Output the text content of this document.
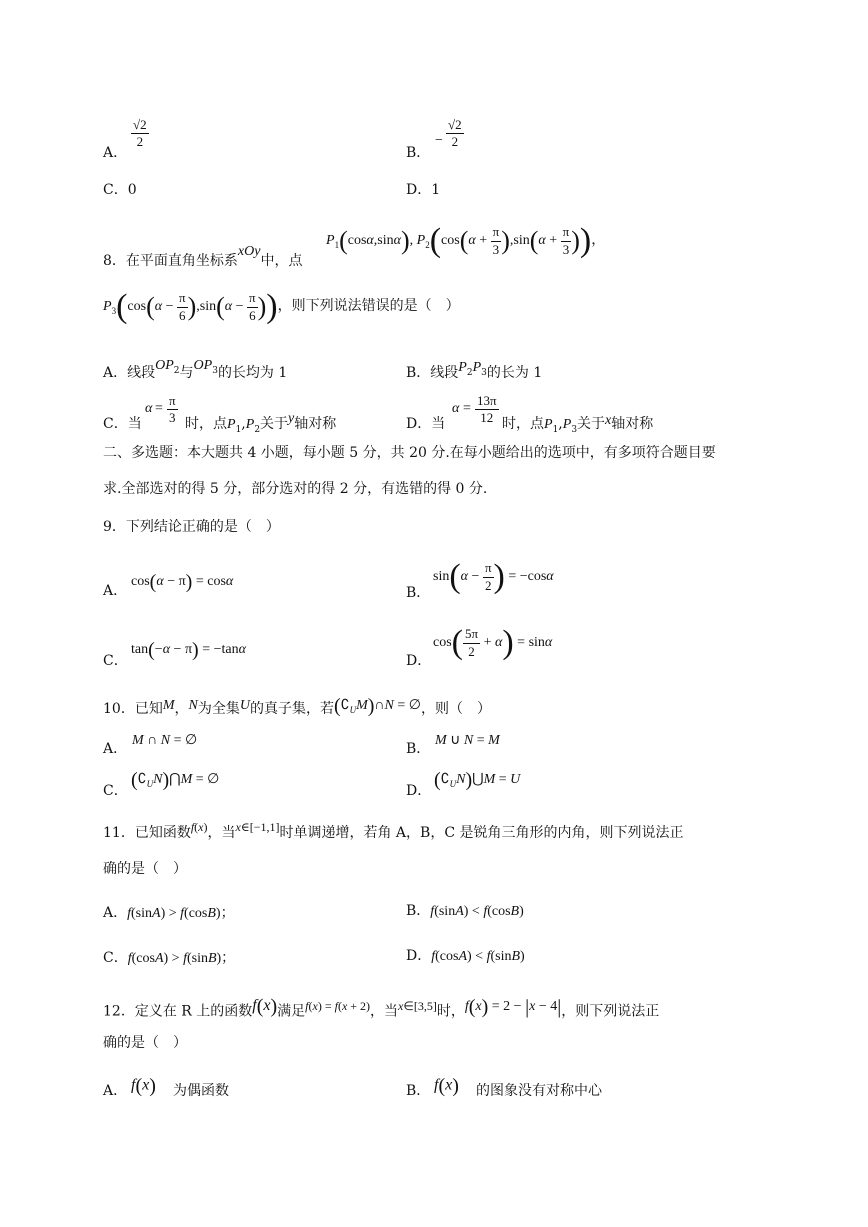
A．
$\frac{√2}{2}$
B．
− $\frac{√2}{2}$
C．0	D．1
8．在平面直角坐标系xOy中，点
$P_1(\cos\alpha,\sin\alpha)$, $P_2(\cos(\alpha + \frac{\pi}{3} ),\sin(\alpha + \frac{\pi}{3}$ ))，
$P_3(\cos(\alpha - \frac{\pi}{6} ),\sin(\alpha - \frac{\pi}{6}$ ))，则下列说法错误的是（　）
A．线段$OP_2$与$OP_3$的长均为 1	B．线段$P_2P_3$的长为 1
C．当
$\alpha = \frac{\pi}{3}$ 时，点$P_1,P_2$关于y轴对称	D．当
$\alpha = \frac{13\pi}{12}$ 时，点$P_1,P_3$关于x轴对称
二、多选题：本大题共 4 小题，每小题 5 分，共 20 分.在每小题给出的选项中，有多项符合题目要
求.全部选对的得 5 分，部分选对的得 2 分，有选错的得 0 分.
9．下列结论正确的是（　）
A．
cos(α − π) = cosα
B．
$\sin(\alpha - \frac{\pi}{2}$ ) = −cosα
C．
tan(−α − π) = −tanα
D．
$\cos( \frac{5\pi}{2} + \alpha) = \sin\alpha$
10．已知M，N为全集U的真子集，若$(∁_UM)\cap N$ = ∅，则（　）
A．
M ∩ N = ∅
B．
M ∪ N = M
C． $(∁_UN)⋂M$ = ∅
D． $(∁_UN)⋃M = U$
11．已知函数f(x)，当x∈[−1,1]时单调递增，若角 A，B，C 是锐角三角形的内角，则下列说法正
确的是（　）
A．f(sinA) > f(cosB)；	B．f(sinA) < f(cosB)
C．f(cosA) > f(sinB)；	D．f(cosA) < f(sinB)
12．定义在 R 上的函数f(x)满足f(x) = f(x + 2)，当x∈[3,5]时，f(x) = 2 − |x − 4|，则下列说法正
确的是（　）
A． f(x) 为偶函数	B． f(x) 的图象没有对称中心
